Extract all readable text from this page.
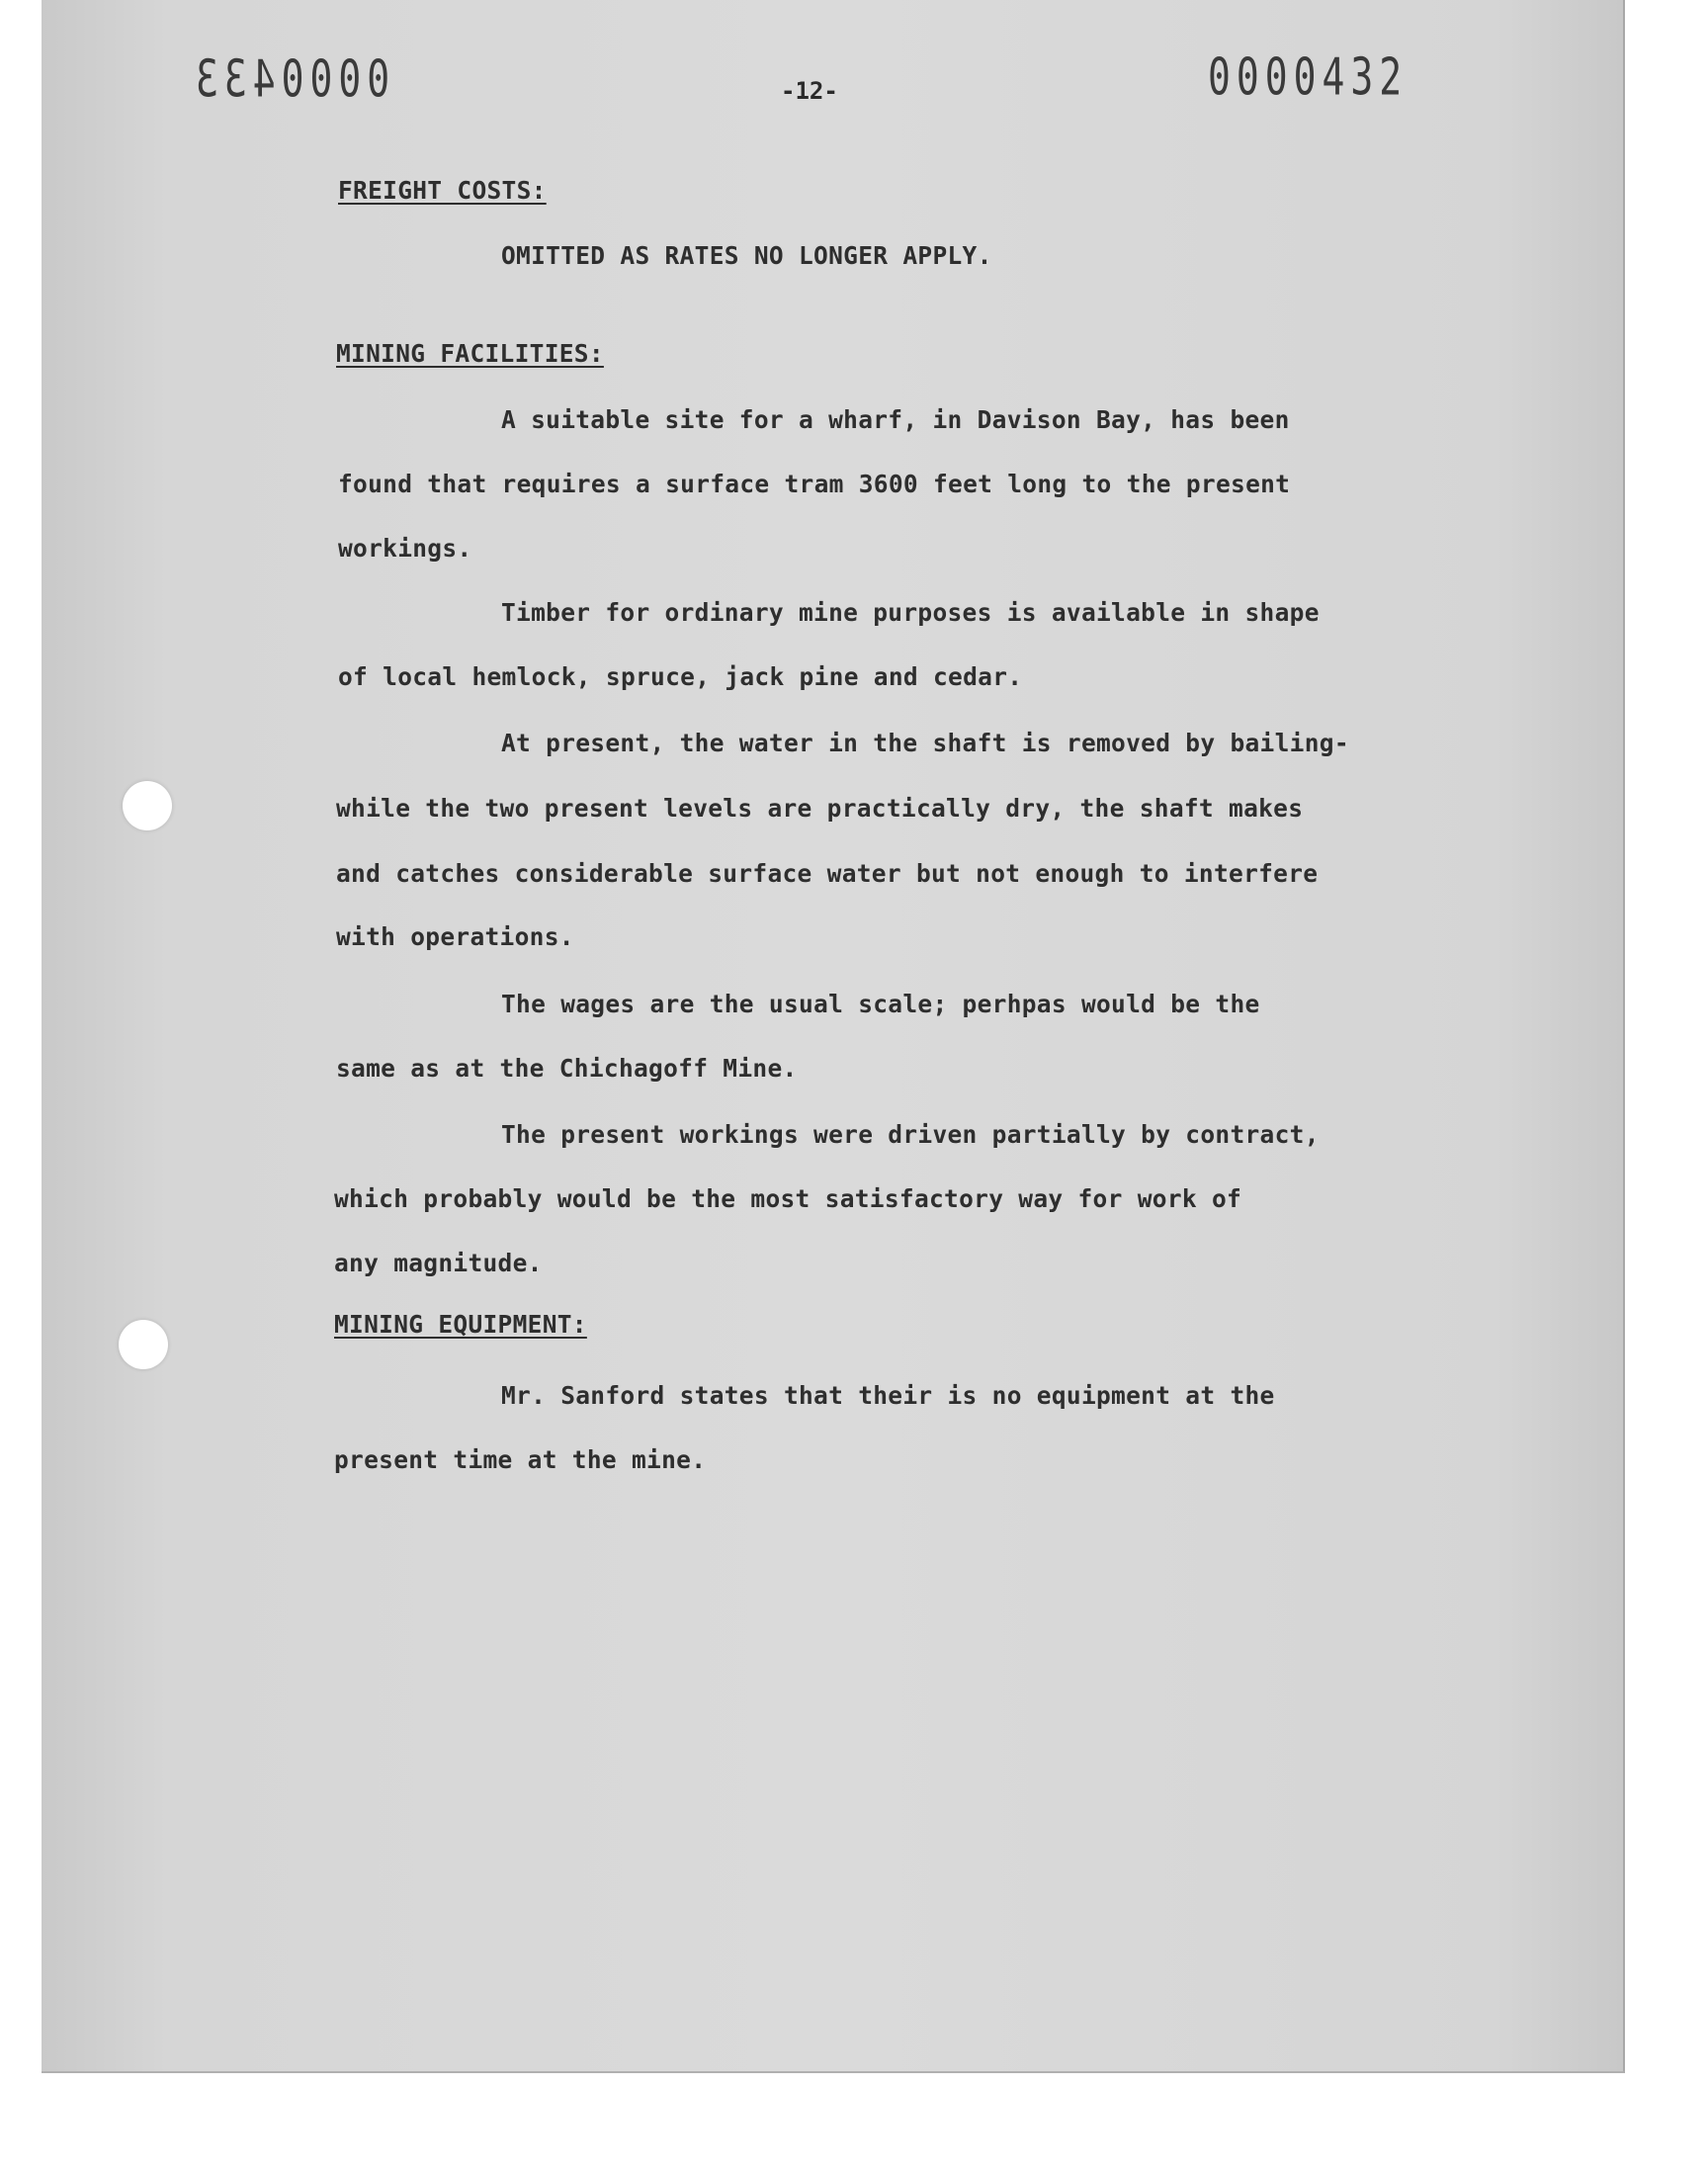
0000433	0000432
-12-
FREIGHT COSTS:
OMITTED AS RATES NO LONGER APPLY.
MINING FACILITIES:
A suitable site for a wharf, in Davison Bay, has been
found that requires a surface tram 3600 feet long to the present
workings.
Timber for ordinary mine purposes is available in shape
of local hemlock, spruce, jack pine and cedar.
At present, the water in the shaft is removed by bailing-
while the two present levels are practically dry, the shaft makes
and catches considerable surface water but not enough to interfere
with operations.
The wages are the usual scale; perhpas would be the
same as at the Chichagoff Mine.
The present workings were driven partially by contract,
which probably would be the most satisfactory way for work of
any magnitude.
MINING EQUIPMENT:
Mr. Sanford states that their is no equipment at the
present time at the mine.
